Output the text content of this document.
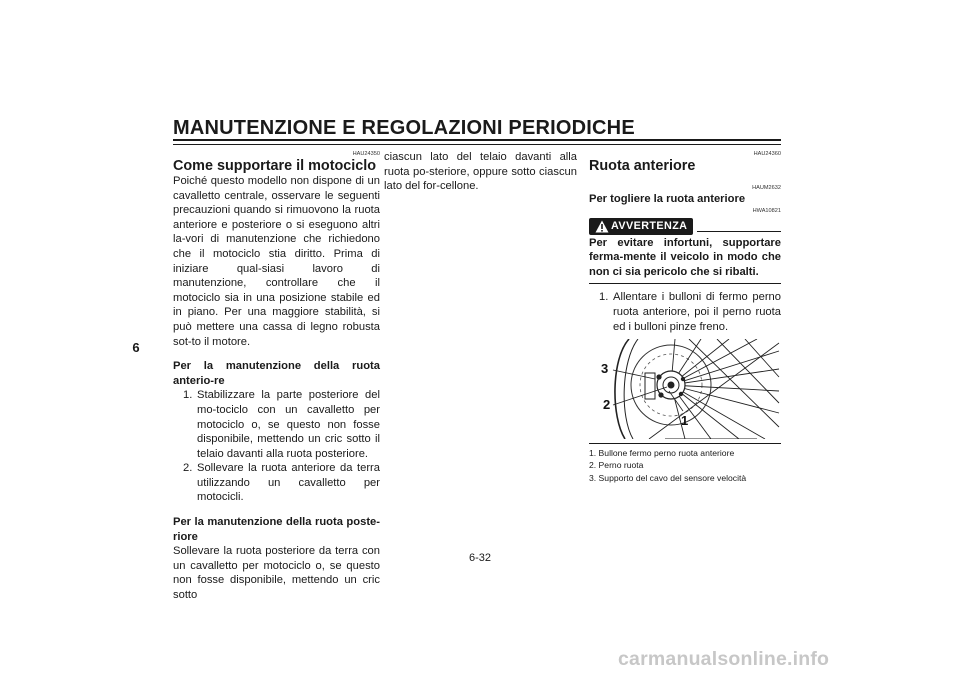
MANUTENZIONE E REGOLAZIONI PERIODICHE
6
HAU24350
Come supportare il motociclo

Poiché questo modello non dispone di un cavalletto centrale, osservare le seguenti precauzioni quando si rimuovono la ruota anteriore e posteriore o si eseguono altri la-vori di manutenzione che richiedono che il motociclo stia diritto. Prima di iniziare qual-siasi lavoro di manutenzione, controllare che il motociclo sia in una posizione stabile ed in piano. Per una maggiore stabilità, si può mettere una cassa di legno robusta sot-to il motore.

Per la manutenzione della ruota anterio-re

1. Stabilizzare la parte posteriore del mo-tociclo con un cavalletto per motociclo o, se questo non fosse disponibile, mettendo un cric sotto il telaio davanti alla ruota posteriore.
2. Sollevare la ruota anteriore da terra utilizzando un cavalletto per motocicli.

Per la manutenzione della ruota poste-riore

Sollevare la ruota posteriore da terra con un cavalletto per motociclo o, se questo non fosse disponibile, mettendo un cric sotto

ciascun lato del telaio davanti alla ruota po-steriore, oppure sotto ciascun lato del for-cellone.

HAU24360
Ruota anteriore
HAUM2632

Per togliere la ruota anteriore

HWA10821
AVVERTENZA

Per evitare infortuni, supportare ferma-mente il veicolo in modo che non ci sia pericolo che si ribalti.

1. Allentare i bulloni di fermo perno ruota anteriore, poi il perno ruota ed i bulloni pinze freno.
3
2
1
1. Bullone fermo perno ruota anteriore
2. Perno ruota
3. Supporto del cavo del sensore velocità
6-32
carmanualsonline.info
